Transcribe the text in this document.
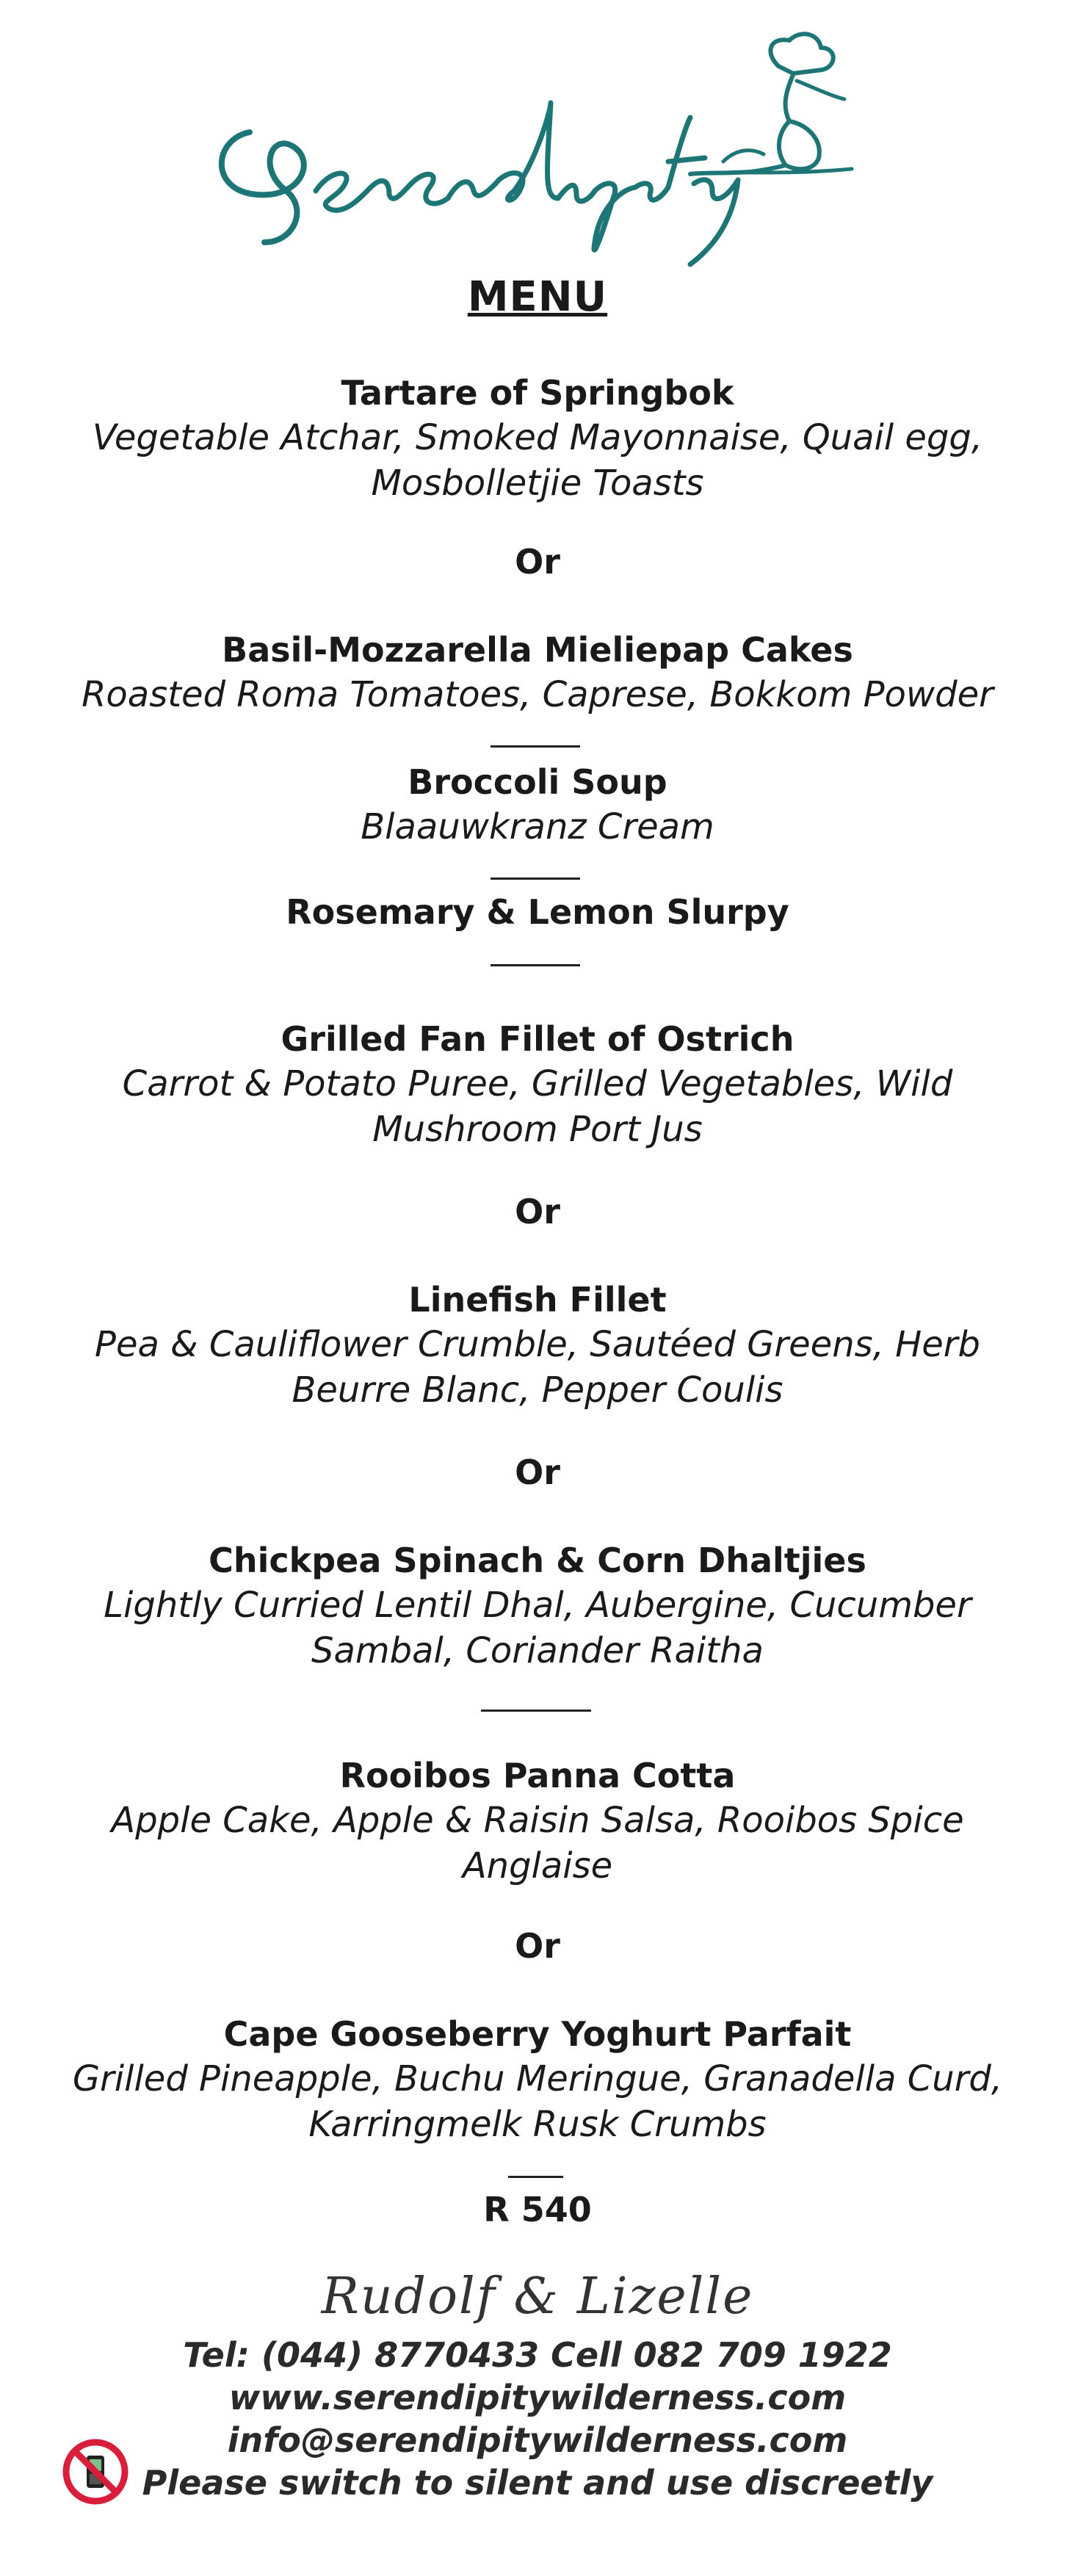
MENU
Tartare of Springbok
Vegetable Atchar, Smoked Mayonnaise, Quail egg,
Mosbolletjie Toasts
Or
Basil-Mozzarella Mieliepap Cakes
Roasted Roma Tomatoes, Caprese, Bokkom Powder
Broccoli Soup
Blaauwkranz Cream
Rosemary & Lemon Slurpy
Grilled Fan Fillet of Ostrich
Carrot & Potato Puree, Grilled Vegetables, Wild
Mushroom Port Jus
Or
Linefish Fillet
Pea & Cauliflower Crumble, Sautéed Greens, Herb
Beurre Blanc, Pepper Coulis
Or
Chickpea Spinach & Corn Dhaltjies
Lightly Curried Lentil Dhal, Aubergine, Cucumber
Sambal, Coriander Raitha
Rooibos Panna Cotta
Apple Cake, Apple & Raisin Salsa, Rooibos Spice
Anglaise
Or
Cape Gooseberry Yoghurt Parfait
Grilled Pineapple, Buchu Meringue, Granadella Curd,
Karringmelk Rusk Crumbs
R 540
Rudolf & Lizelle
Tel: (044) 8770433 Cell 082 709 1922
www.serendipitywilderness.com
info@serendipitywilderness.com
Please switch to silent and use discreetly
